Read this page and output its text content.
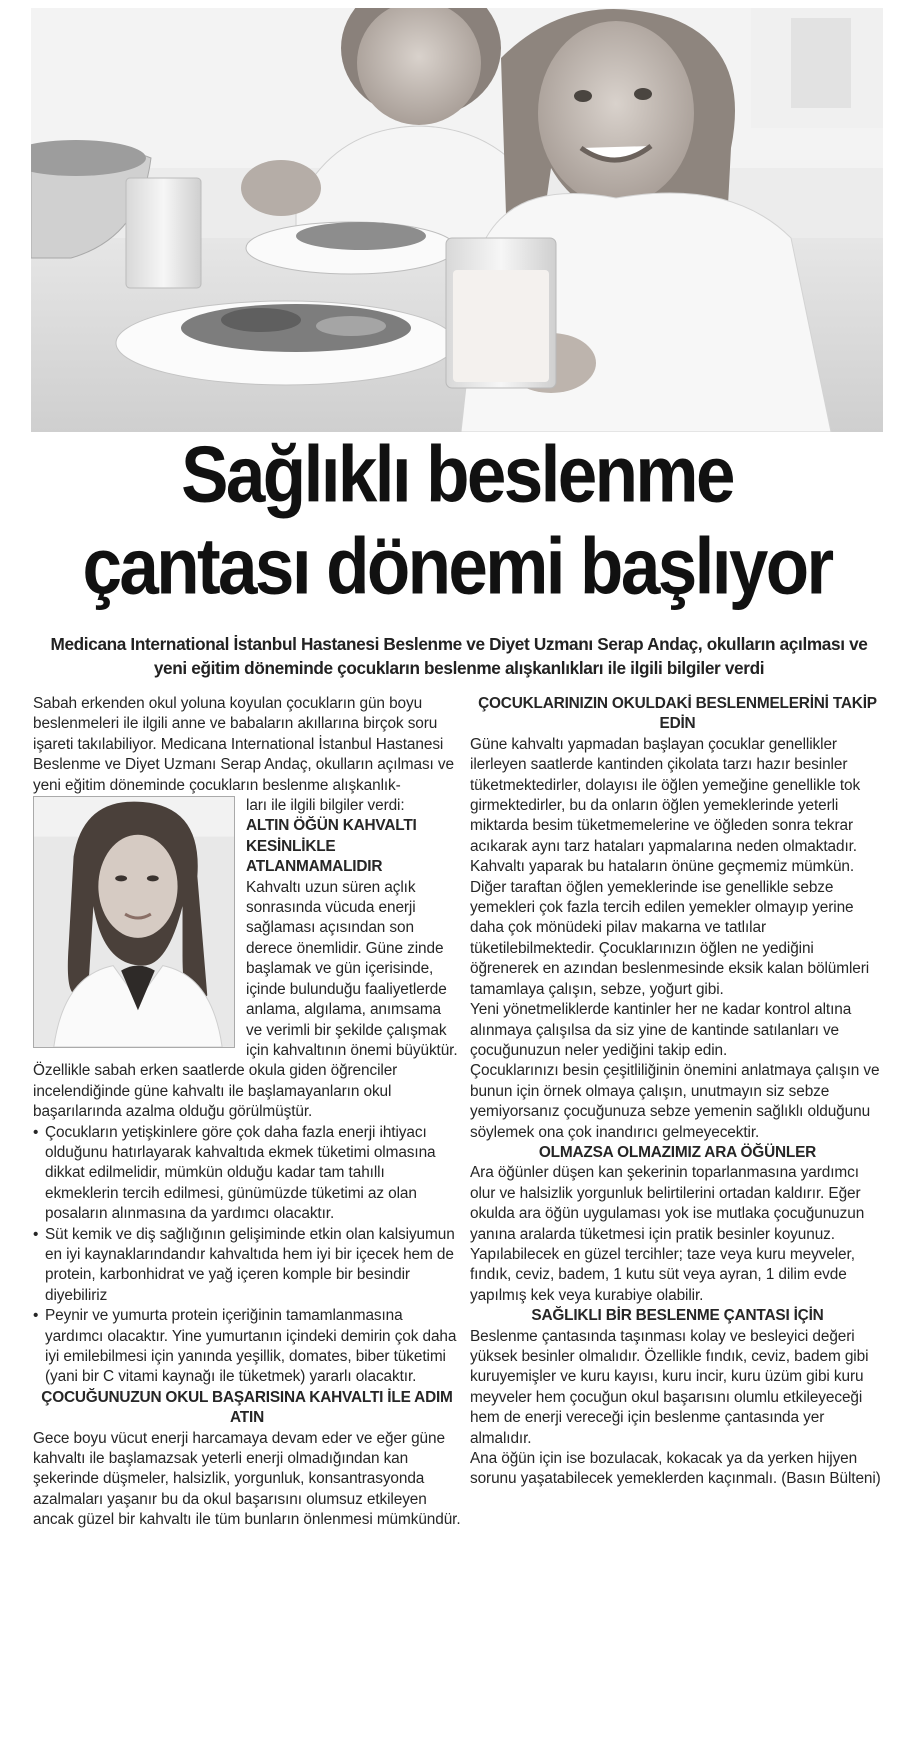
Sağlıklı beslenme
çantası dönemi başlıyor

Medicana International İstanbul Hastanesi Beslenme ve Diyet Uzmanı Serap Andaç, okulların açılması ve yeni eğitim döneminde çocukların beslenme alışkanlıkları ile ilgili bilgiler verdi

Sabah erkenden okul yoluna koyulan çocukların gün boyu beslenmeleri ile ilgili anne ve babaların akıllarına birçok soru işareti takılabiliyor. Medicana International İstanbul Hastanesi Beslenme ve Diyet Uzmanı Serap Andaç, okulların açılması ve yeni eğitim döneminde çocukların beslenme alışkanlık-

ları ile ilgili bilgiler verdi:

ALTIN ÖĞÜN KAHVALTI KESİNLİKLE ATLANMAMALIDIR

Kahvaltı uzun süren açlık sonrasında vücuda enerji sağlaması açısından son derece önemlidir. Güne zinde başlamak ve gün içerisinde, içinde bulunduğu faaliyetlerde anlama, algılama, anımsama ve verimli bir şekilde çalışmak için kahvaltının önemi büyüktür. Özellikle sabah erken saatlerde okula giden öğrenciler incelendiğinde güne kahvaltı ile başlamayanların okul başarılarında azalma olduğu görülmüştür.

• Çocukların yetişkinlere göre çok daha fazla enerji ihtiyacı olduğunu hatırlayarak kahvaltıda ekmek tüketimi olmasına dikkat edilmelidir, mümkün olduğu kadar tam tahıllı ekmeklerin tercih edilmesi, günümüzde tüketimi az olan posaların alınmasına da yardımcı olacaktır.

• Süt kemik ve diş sağlığının gelişiminde etkin olan kalsiyumun en iyi kaynaklarındandır kahvaltıda hem iyi bir içecek hem de protein, karbonhidrat ve yağ içeren komple bir besindir diyebiliriz

• Peynir ve yumurta protein içeriğinin tamamlanmasına yardımcı olacaktır. Yine yumurtanın içindeki demirin çok daha iyi emilebilmesi için yanında yeşillik, domates, biber tüketimi (yani bir C vitami kaynağı ile tüketmek) yararlı olacaktır.

ÇOCUĞUNUZUN OKUL BAŞARISINA KAHVALTI İLE ADIM ATIN

Gece boyu vücut enerji harcamaya devam eder ve eğer güne kahvaltı ile başlamazsak yeterli enerji olmadığından kan şekerinde düşmeler, halsizlik, yorgunluk, konsantrasyonda azalmaları yaşanır bu da okul başarısını olumsuz etkileyen ancak güzel bir kahvaltı ile tüm bunların önlenmesi mümkündür.

ÇOCUKLARINIZIN OKULDAKİ BESLENMELERİNİ TAKİP EDİN

Güne kahvaltı yapmadan başlayan çocuklar genellikler ilerleyen saatlerde kantinden çikolata tarzı hazır besinler tüketmektedirler, dolayısı ile öğlen yemeğine genellikle tok girmektedirler, bu da onların öğlen yemeklerinde yeterli miktarda besim tüketmemelerine ve öğleden sonra tekrar acıkarak aynı tarz hataları yapmalarına neden olmaktadır. Kahvaltı yaparak bu hataların önüne geçmemiz mümkün. Diğer taraftan öğlen yemeklerinde ise genellikle sebze yemekleri çok fazla tercih edilen yemekler olmayıp yerine daha çok mönüdeki pilav makarna ve tatlılar tüketilebilmektedir. Çocuklarınızın öğlen ne yediğini öğrenerek en azından beslenmesinde eksik kalan bölümleri tamamlaya çalışın, sebze, yoğurt gibi.

Yeni yönetmeliklerde kantinler her ne kadar kontrol altına alınmaya çalışılsa da siz yine de kantinde satılanları ve çocuğunuzun neler yediğini takip edin.

Çocuklarınızı besin çeşitliliğinin önemini anlatmaya çalışın ve bunun için örnek olmaya çalışın, unutmayın siz sebze yemiyorsanız çocuğunuza sebze yemenin sağlıklı olduğunu söylemek ona çok inandırıcı gelmeyecektir.

OLMAZSA OLMAZIMIZ ARA ÖĞÜNLER

Ara öğünler düşen kan şekerinin toparlanmasına yardımcı olur ve halsizlik yorgunluk belirtilerini ortadan kaldırır. Eğer okulda ara öğün uygulaması yok ise mutlaka çocuğunuzun yanına aralarda tüketmesi için pratik besinler koyunuz. Yapılabilecek en güzel tercihler; taze veya kuru meyveler, fındık, ceviz, badem, 1 kutu süt veya ayran, 1 dilim evde yapılmış kek veya kurabiye olabilir.

SAĞLIKLI BİR BESLENME ÇANTASI İÇİN

Beslenme çantasında taşınması kolay ve besleyici değeri yüksek besinler olmalıdır. Özellikle fındık, ceviz, badem gibi kuruyemişler ve kuru kayısı, kuru incir, kuru üzüm gibi kuru meyveler hem çocuğun okul başarısını olumlu etkileyeceği hem de enerji vereceği için beslenme çantasında yer almalıdır.

Ana öğün için ise bozulacak, kokacak ya da yerken hijyen sorunu yaşatabilecek yemeklerden kaçınmalı. (Basın Bülteni)
